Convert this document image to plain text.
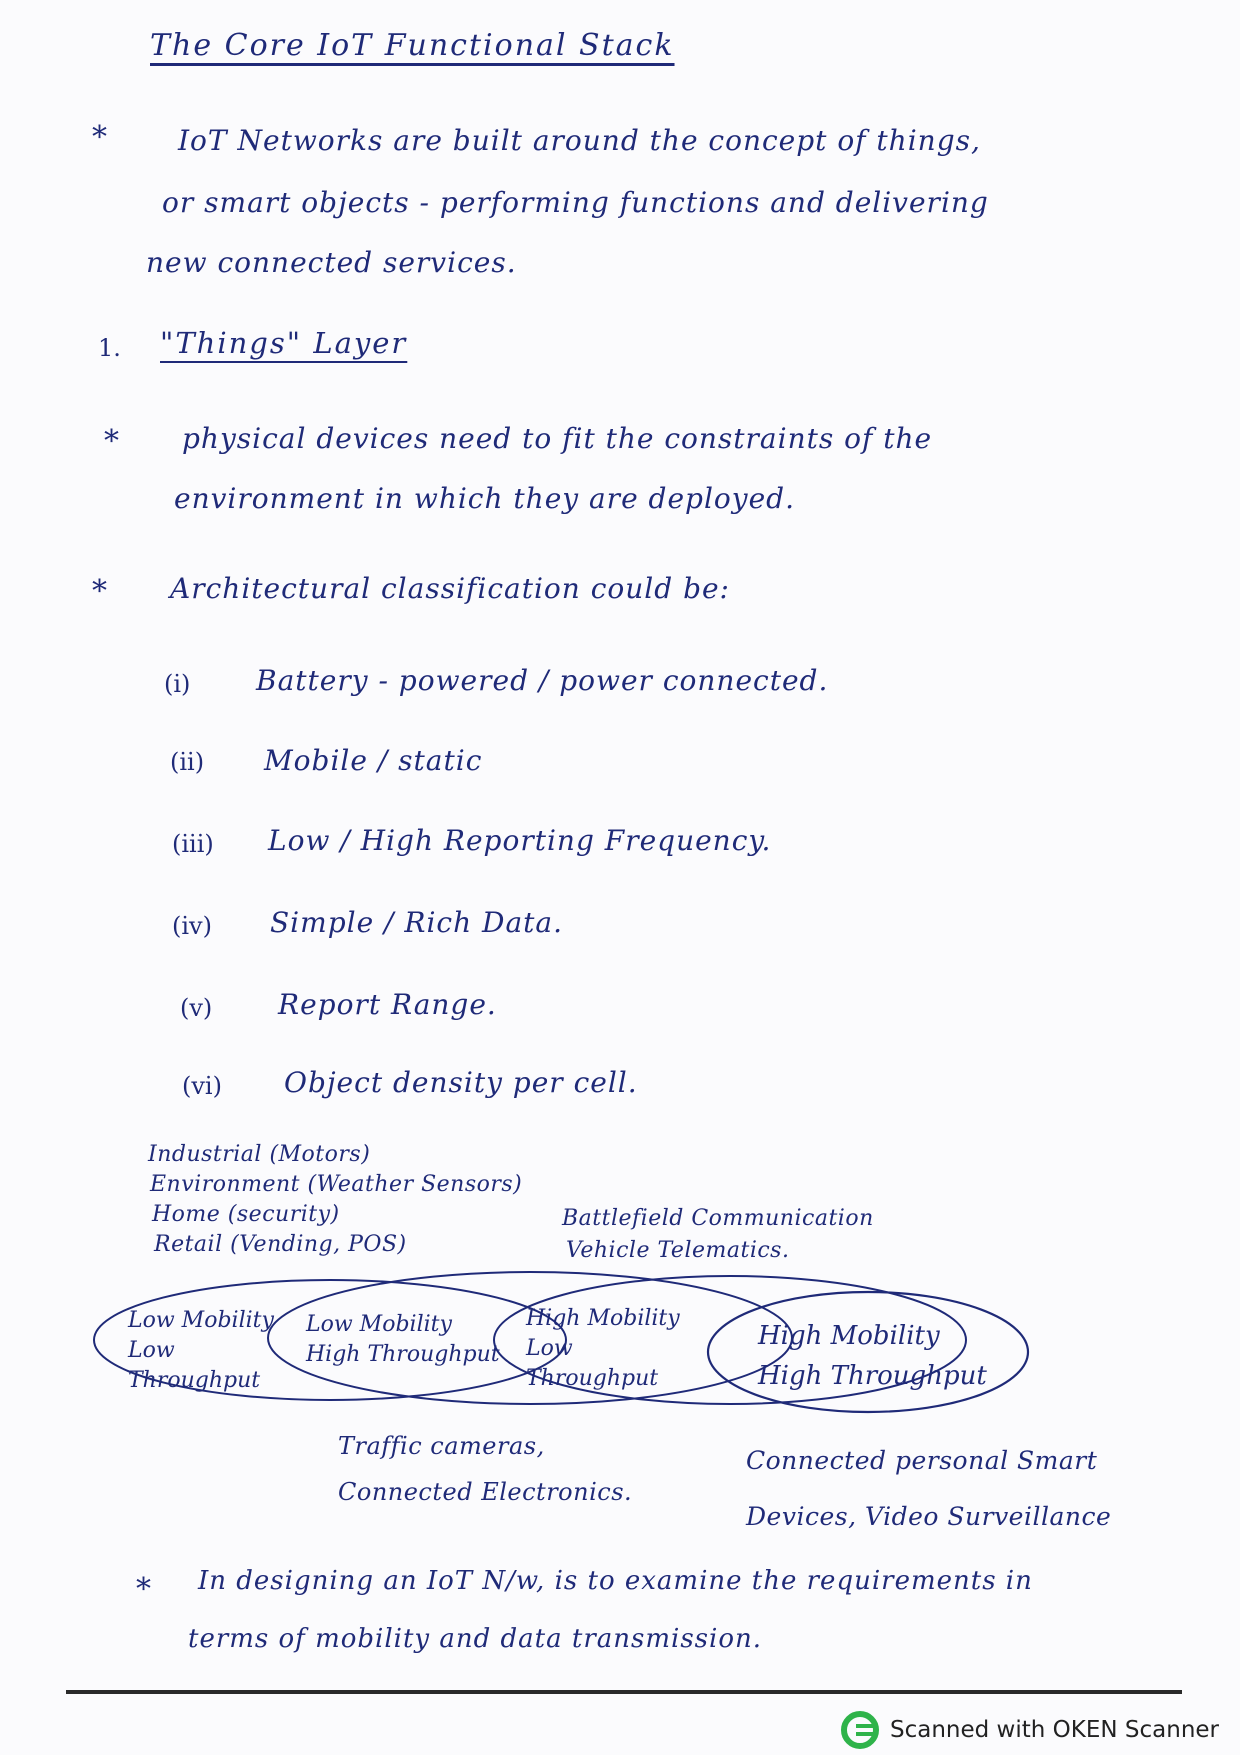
The Core IoT Functional Stack
*	IoT Networks are built around the concept of things,
or smart objects - performing functions and delivering
new connected services.
1. "Things" Layer
* physical devices need to fit the constraints of the
environment in which they are deployed.
* Architectural classification could be:
(i) Battery - powered / power connected.
(ii) Mobile / static
(iii) Low / High Reporting Frequency.
(iv) Simple / Rich Data.
(v) Report Range.
(vi) Object density per cell.
Industrial (Motors)
Environment (Weather Sensors)
Home (security)
Retail (Vending, POS)
Battlefield Communication
Vehicle Telematics.
Low Mobility
Low Throughput
Low Mobility
High Throughput
High Mobility
Low Throughput
High Mobility
High Throughput
Traffic cameras,
Connected Electronics.
Connected personal Smart
Devices, Video Surveillance
* In designing an IoT N/w, is to examine the requirements in
terms of mobility and data transmission.
Scanned with OKEN Scanner
